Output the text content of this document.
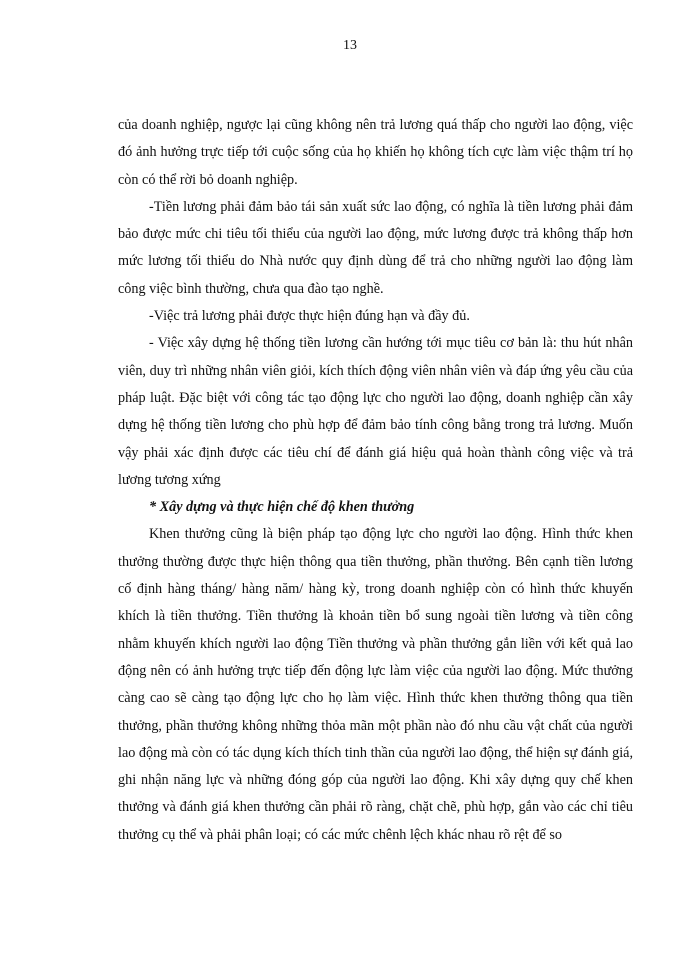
13

của doanh nghiệp, ngược lại cũng không nên trả lương quá thấp cho người lao động, việc đó ảnh hưởng trực tiếp tới cuộc sống của họ khiến họ không tích cực làm việc thậm trí họ còn có thể rời bỏ doanh nghiệp.

-Tiền lương phải đảm bảo tái sản xuất sức lao động, có nghĩa là tiền lương phải đảm bảo được mức chi tiêu tối thiểu của người lao động, mức lương được trả không thấp hơn mức lương tối thiểu do Nhà nước quy định dùng để trả cho những người lao động làm công việc bình thường, chưa qua đào tạo nghề.

-Việc trả lương phải được thực hiện đúng hạn và đầy đủ.

- Việc xây dựng hệ thống tiền lương cần hướng tới mục tiêu cơ bản là: thu hút nhân viên, duy trì những nhân viên giỏi, kích thích động viên nhân viên và đáp ứng yêu cầu của pháp luật. Đặc biệt với công tác tạo động lực cho người lao động, doanh nghiệp cần xây dựng hệ thống tiền lương cho phù hợp để đảm bảo tính công bằng trong trả lương. Muốn vậy phải xác định được các tiêu chí để đánh giá hiệu quả hoàn thành công việc và trả lương tương xứng

* Xây dựng và thực hiện chế độ khen thưởng

Khen thưởng cũng là biện pháp tạo động lực cho người lao động. Hình thức khen thưởng thường được thực hiện thông qua tiền thưởng, phần thưởng. Bên cạnh tiền lương cố định hàng tháng/ hàng năm/ hàng kỳ, trong doanh nghiệp còn có hình thức khuyến khích là tiền thưởng. Tiền thưởng là khoản tiền bổ sung ngoài tiền lương và tiền công nhằm khuyến khích người lao động Tiền thưởng và phần thưởng gắn liền với kết quả lao động nên có ảnh hưởng trực tiếp đến động lực làm việc của người lao động. Mức thưởng càng cao sẽ càng tạo động lực cho họ làm việc. Hình thức khen thưởng thông qua tiền thưởng, phần thưởng không những thỏa mãn một phần nào đó nhu cầu vật chất của người lao động mà còn có tác dụng kích thích tinh thần của người lao động, thể hiện sự đánh giá, ghi nhận năng lực và những đóng góp của người lao động. Khi xây dựng quy chế khen thưởng và đánh giá khen thưởng cần phải rõ ràng, chặt chẽ, phù hợp, gắn vào các chỉ tiêu thưởng cụ thể và phải phân loại; có các mức chênh lệch khác nhau rõ rệt để so
